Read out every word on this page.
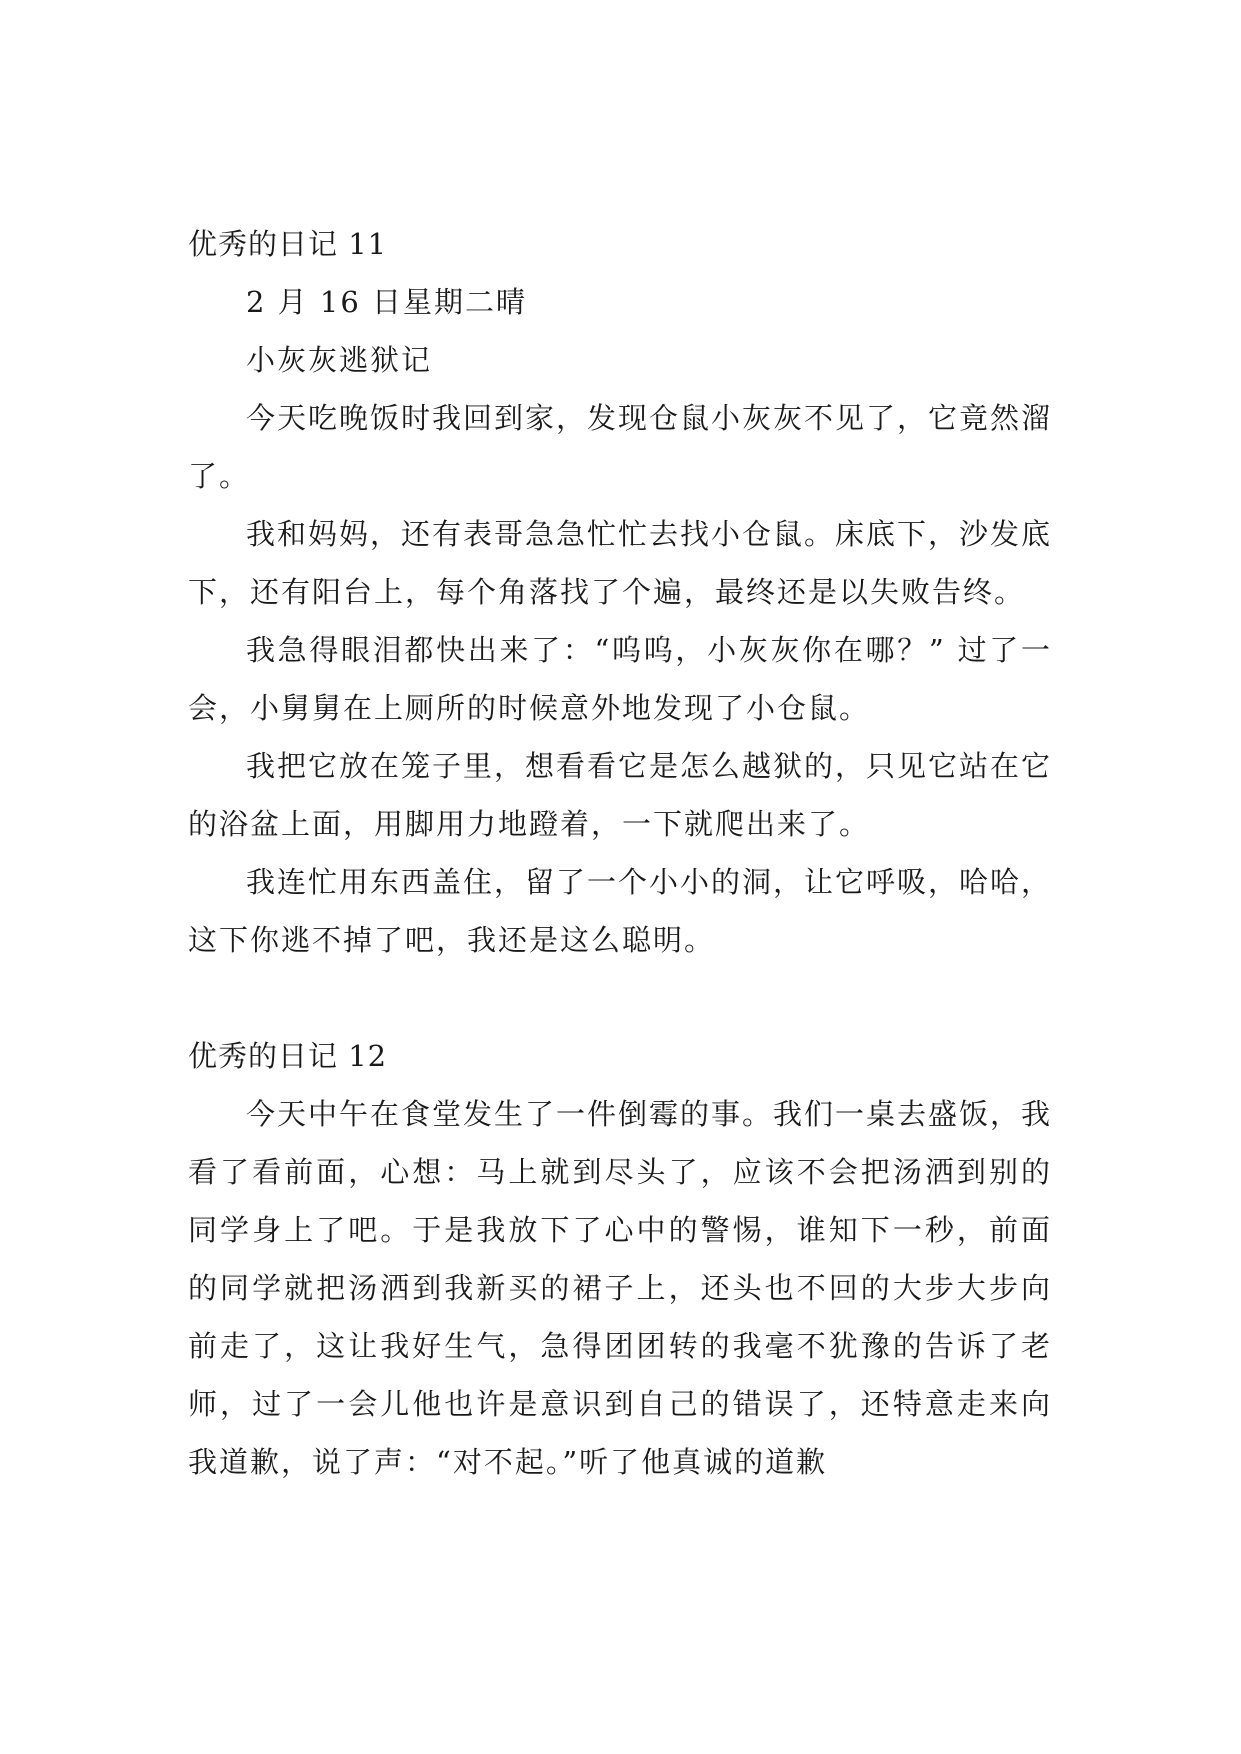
优秀的日记 11

2 月 16 日星期二晴

小灰灰逃狱记

今天吃晚饭时我回到家，发现仓鼠小灰灰不见了，它竟然溜了。

我和妈妈，还有表哥急急忙忙去找小仓鼠。床底下，沙发底下，还有阳台上，每个角落找了个遍，最终还是以失败告终。

我急得眼泪都快出来了：“呜呜，小灰灰你在哪？” 过了一会，小舅舅在上厕所的时候意外地发现了小仓鼠。

我把它放在笼子里，想看看它是怎么越狱的，只见它站在它的浴盆上面，用脚用力地蹬着，一下就爬出来了。

我连忙用东西盖住，留了一个小小的洞，让它呼吸，哈哈，这下你逃不掉了吧，我还是这么聪明。

优秀的日记 12

今天中午在食堂发生了一件倒霉的事。我们一桌去盛饭，我看了看前面，心想：马上就到尽头了，应该不会把汤洒到别的同学身上了吧。于是我放下了心中的警惕，谁知下一秒，前面的同学就把汤洒到我新买的裙子上，还头也不回的大步大步向前走了，这让我好生气，急得团团转的我毫不犹豫的告诉了老师，过了一会儿他也许是意识到自己的错误了，还特意走来向我道歉，说了声：“对不起。”听了他真诚的道歉
